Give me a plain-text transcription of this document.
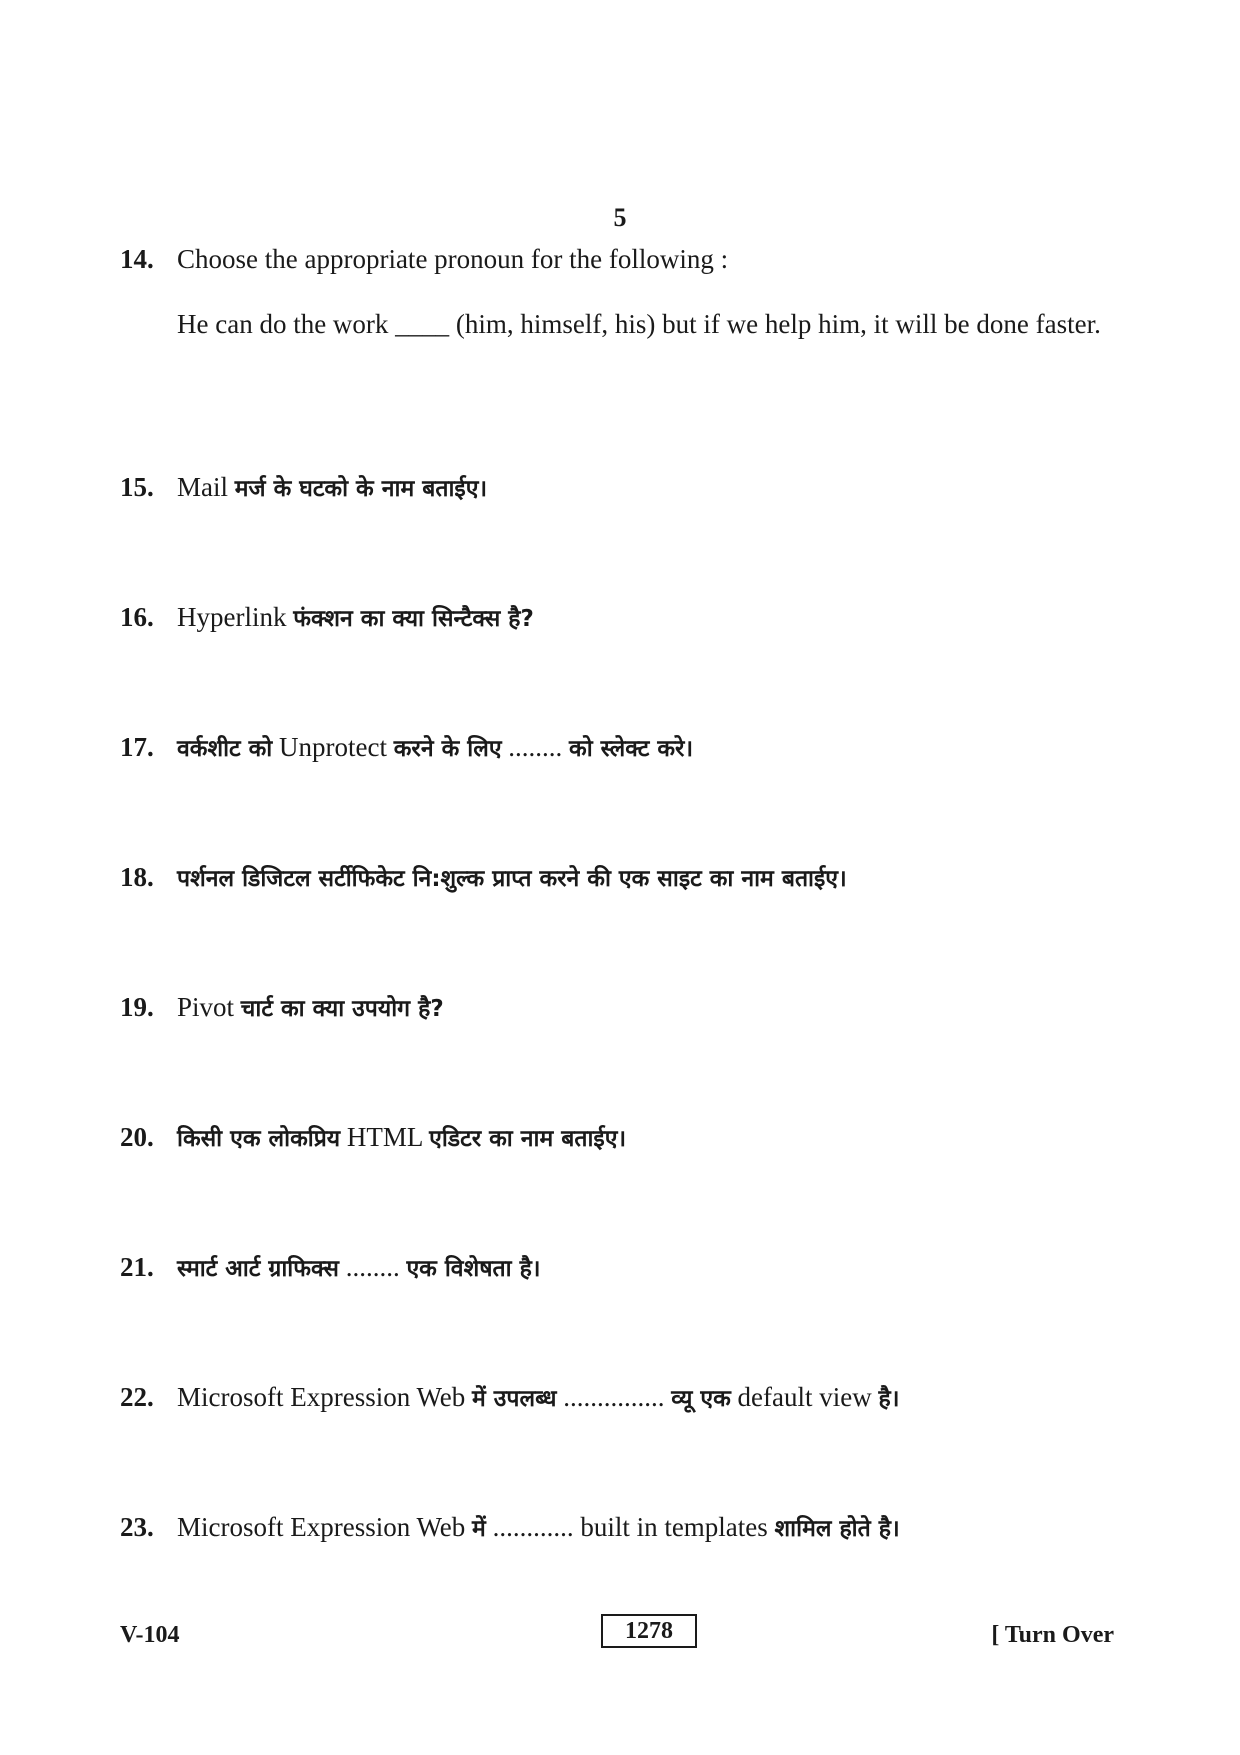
5
14. Choose the appropriate pronoun for the following :
He can do the work ____ (him, himself, his) but if we help him, it will be done faster.
15. Mail मर्ज के घटको के नाम बताईए।
16. Hyperlink फंक्शन का क्या सिन्टैक्स है?
17. वर्कशीट को Unprotect करने के लिए ........ को स्लेक्ट करे।
18. पर्शनल डिजिटल सर्टीफिकेट नि:शुल्क प्राप्त करने की एक साइट का नाम बताईए।
19. Pivot चार्ट का क्या उपयोग है?
20. किसी एक लोकप्रिय HTML एडिटर का नाम बताईए।
21. स्मार्ट आर्ट ग्राफिक्स ........ एक विशेषता है।
22. Microsoft Expression Web में उपलब्ध ............... व्यू एक default view है।
23. Microsoft Expression Web में ............ built in templates शामिल होते है।
V-104	1278	[ Turn Over
